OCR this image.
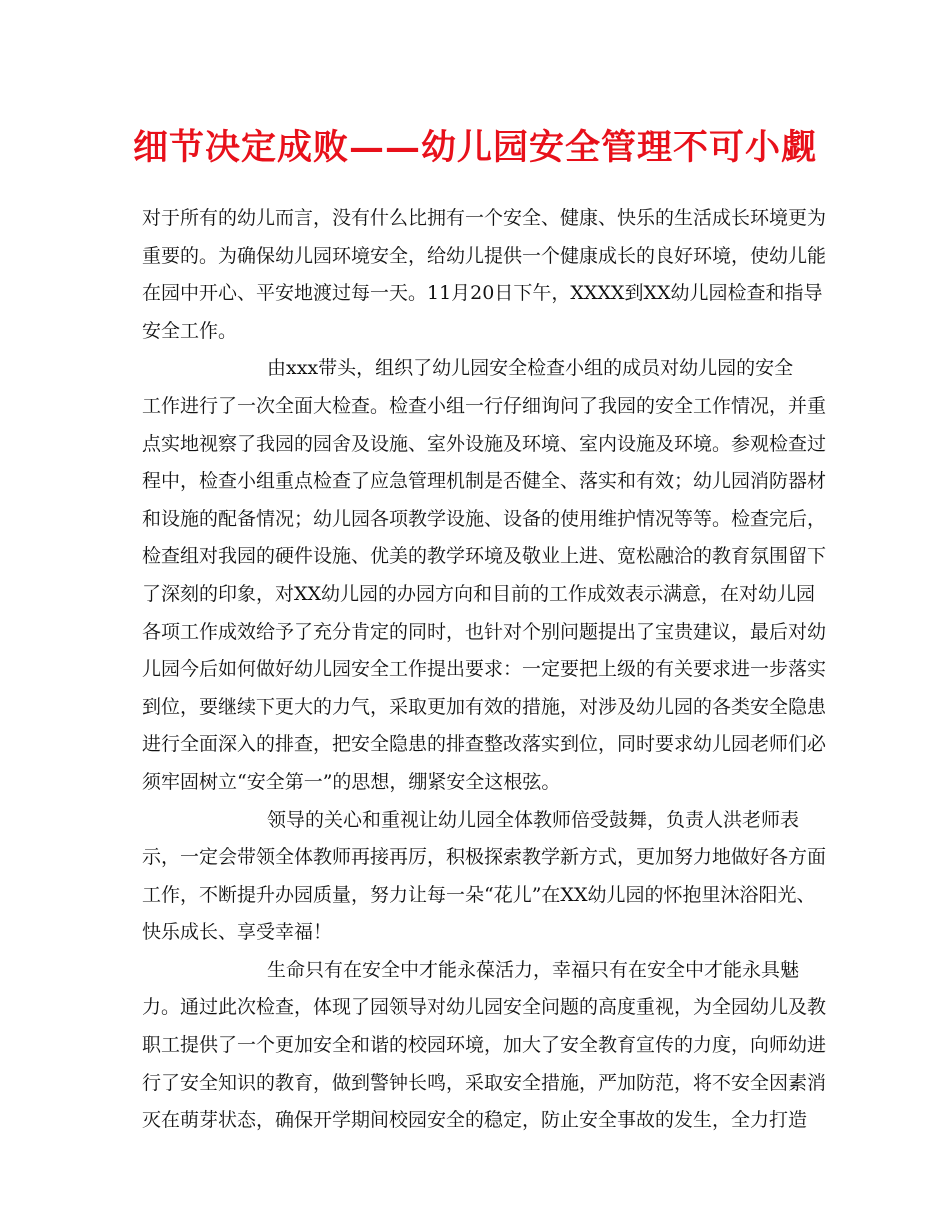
细节决定成败——幼儿园安全管理不可小觑
对于所有的幼儿而言，没有什么比拥有一个安全、健康、快乐的生活成长环境更为
重要的。为确保幼儿园环境安全，给幼儿提供一个健康成长的良好环境，使幼儿能
在园中开心、平安地渡过每一天。11月20日下午，XXXX到XX幼儿园检查和指导
安全工作。
由xxx带头，组织了幼儿园安全检查小组的成员对幼儿园的安全
工作进行了一次全面大检查。检查小组一行仔细询问了我园的安全工作情况，并重
点实地视察了我园的园舍及设施、室外设施及环境、室内设施及环境。参观检查过
程中，检查小组重点检查了应急管理机制是否健全、落实和有效；幼儿园消防器材
和设施的配备情况；幼儿园各项教学设施、设备的使用维护情况等等。检查完后，
检查组对我园的硬件设施、优美的教学环境及敬业上进、宽松融洽的教育氛围留下
了深刻的印象，对XX幼儿园的办园方向和目前的工作成效表示满意，在对幼儿园
各项工作成效给予了充分肯定的同时，也针对个别问题提出了宝贵建议，最后对幼
儿园今后如何做好幼儿园安全工作提出要求：一定要把上级的有关要求进一步落实
到位，要继续下更大的力气，采取更加有效的措施，对涉及幼儿园的各类安全隐患
进行全面深入的排查，把安全隐患的排查整改落实到位，同时要求幼儿园老师们必
须牢固树立“安全第一”的思想，绷紧安全这根弦。
领导的关心和重视让幼儿园全体教师倍受鼓舞，负责人洪老师表
示，一定会带领全体教师再接再厉，积极探索教学新方式，更加努力地做好各方面
工作，不断提升办园质量，努力让每一朵“花儿”在XX幼儿园的怀抱里沐浴阳光、
快乐成长、享受幸福！
生命只有在安全中才能永葆活力，幸福只有在安全中才能永具魅
力。通过此次检查，体现了园领导对幼儿园安全问题的高度重视，为全园幼儿及教
职工提供了一个更加安全和谐的校园环境，加大了安全教育宣传的力度，向师幼进
行了安全知识的教育，做到警钟长鸣，采取安全措施，严加防范，将不安全因素消
灭在萌芽状态，确保开学期间校园安全的稳定，防止安全事故的发生，全力打造
